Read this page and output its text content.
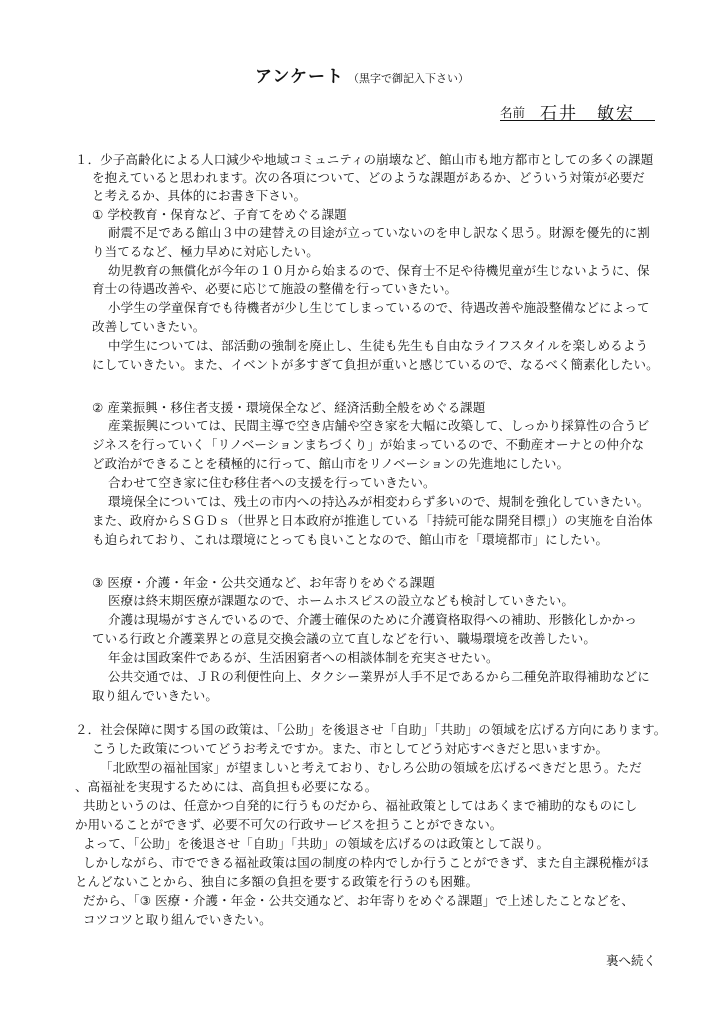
アンケート （黒字で御記入下さい）
名前 石井　敏宏
１．少子高齢化による人口減少や地域コミュニティの崩壊など、館山市も地方都市としての多くの課題
を抱えていると思われます。次の各項について、どのような課題があるか、どういう対策が必要だ
と考えるか、具体的にお書き下さい。
① 学校教育・保育など、子育てをめぐる課題
耐震不足である館山３中の建替えの目途が立っていないのを申し訳なく思う。財源を優先的に割
り当てるなど、極力早めに対応したい。
幼児教育の無償化が今年の１０月から始まるので、保育士不足や待機児童が生じないように、保
育士の待遇改善や、必要に応じて施設の整備を行っていきたい。
小学生の学童保育でも待機者が少し生じてしまっているので、待遇改善や施設整備などによって
改善していきたい。
中学生については、部活動の強制を廃止し、生徒も先生も自由なライフスタイルを楽しめるよう
にしていきたい。また、イベントが多すぎて負担が重いと感じているので、なるべく簡素化したい。
② 産業振興・移住者支援・環境保全など、経済活動全般をめぐる課題
産業振興については、民間主導で空き店舗や空き家を大幅に改築して、しっかり採算性の合うビ
ジネスを行っていく「リノベーションまちづくり」が始まっているので、不動産オーナとの仲介な
ど政治ができることを積極的に行って、館山市をリノベーションの先進地にしたい。
合わせて空き家に住む移住者への支援を行っていきたい。
環境保全については、残土の市内への持込みが相変わらず多いので、規制を強化していきたい。
また、政府からＳＧＤｓ（世界と日本政府が推進している「持続可能な開発目標」）の実施を自治体
も迫られており、これは環境にとっても良いことなので、館山市を「環境都市」にしたい。
③ 医療・介護・年金・公共交通など、お年寄りをめぐる課題
医療は終末期医療が課題なので、ホームホスピスの設立なども検討していきたい。
介護は現場がすさんでいるので、介護士確保のために介護資格取得への補助、形骸化しかかっ
ている行政と介護業界との意見交換会議の立て直しなどを行い、職場環境を改善したい。
年金は国政案件であるが、生活困窮者への相談体制を充実させたい。
公共交通では、ＪＲの利便性向上、タクシー業界が人手不足であるから二種免許取得補助などに
取り組んでいきたい。
２．社会保障に関する国の政策は、「公助」を後退させ「自助」「共助」の領域を広げる方向にあります。
こうした政策についてどうお考えですか。また、市としてどう対応すべきだと思いますか。
「北欧型の福祉国家」が望ましいと考えており、むしろ公助の領域を広げるべきだと思う。ただ
、高福祉を実現するためには、高負担も必要になる。
共助というのは、任意かつ自発的に行うものだから、福祉政策としてはあくまで補助的なものにし
か用いることができず、必要不可欠の行政サービスを担うことができない。
よって、「公助」を後退させ「自助」「共助」の領域を広げるのは政策として誤り。
しかしながら、市でできる福祉政策は国の制度の枠内でしか行うことができず、また自主課税権がほ
とんどないことから、独自に多額の負担を要する政策を行うのも困難。
だから、「③ 医療・介護・年金・公共交通など、お年寄りをめぐる課題」で上述したことなどを、
コツコツと取り組んでいきたい。
裏へ続く
